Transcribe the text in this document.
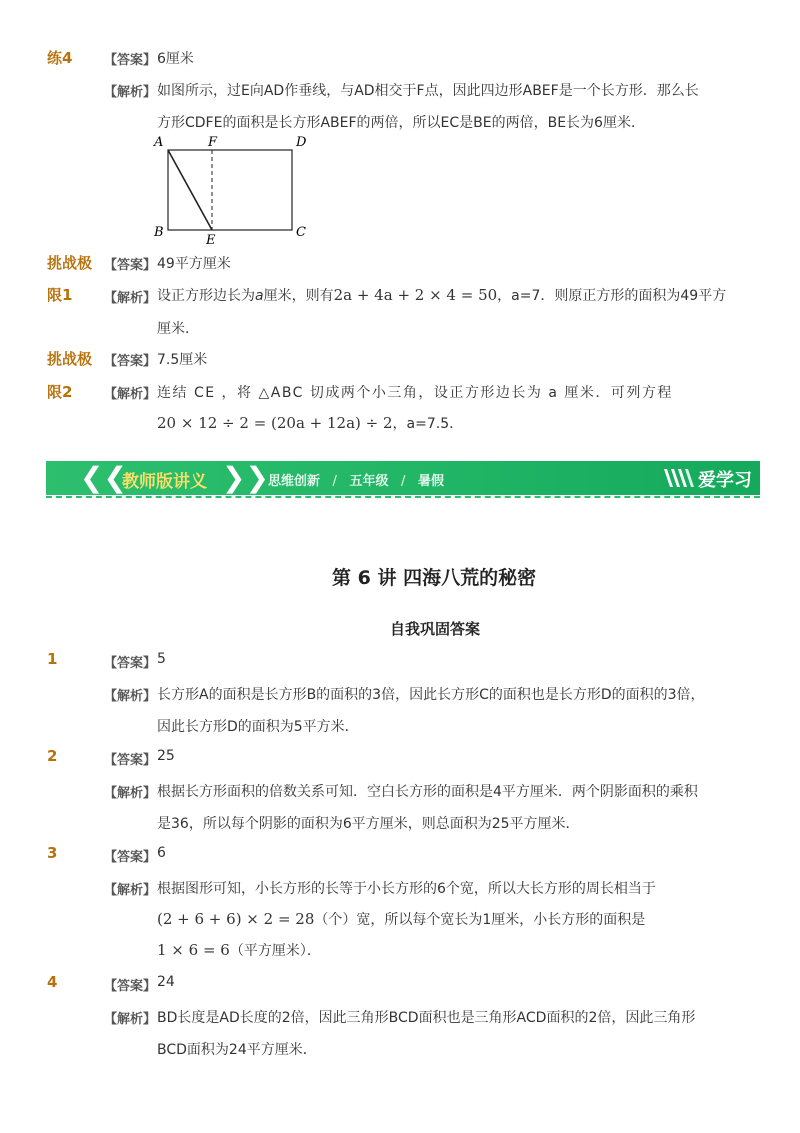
练4 【答案】 6厘米
【解析】 如图所示，过E向AD作垂线，与AD相交于F点，因此四边形ABEF是一个长方形．那么长
方形CDFE的面积是长方形ABEF的两倍，所以EC是BE的两倍，BE长为6厘米．
A	F	D
B
E
C
挑战极
限1
【答案】 49平方厘米
【解析】 设正方形边长为a厘米，则有2a + 4a + 2 × 4 = 50，a=7．则原正方形的面积为49平方
厘米．
挑战极
限2
【答案】 7.5厘米
【解析】 连结 CE ，将 △ABC 切成两个小三角，设正方形边长为 a 厘米．可列方程
20 × 12 ÷ 2 = (20a + 12a) ÷ 2，a=7.5．
❮❮
教师版讲义 ❯❯ 思维创新 / 五年级 / 暑假	爱学习
第 6 讲 四海八荒的秘密
自我巩固答案
1	【答案】 5
【解析】 长方形A的面积是长方形B的面积的3倍，因此长方形C的面积也是长方形D的面积的3倍，
因此长方形D的面积为5平方米．
2	【答案】 25
【解析】 根据长方形面积的倍数关系可知．空白长方形的面积是4平方厘米．两个阴影面积的乘积
是36，所以每个阴影的面积为6平方厘米，则总面积为25平方厘米．
3	【答案】 6
【解析】 根据图形可知，小长方形的长等于小长方形的6个宽，所以大长方形的周长相当于
(2 + 6 + 6) × 2 = 28（个）宽，所以每个宽长为1厘米，小长方形的面积是
1 × 6 = 6（平方厘米）．
4	【答案】 24
【解析】 BD长度是AD长度的2倍，因此三角形BCD面积也是三角形ACD面积的2倍，因此三角形
BCD面积为24平方厘米．
